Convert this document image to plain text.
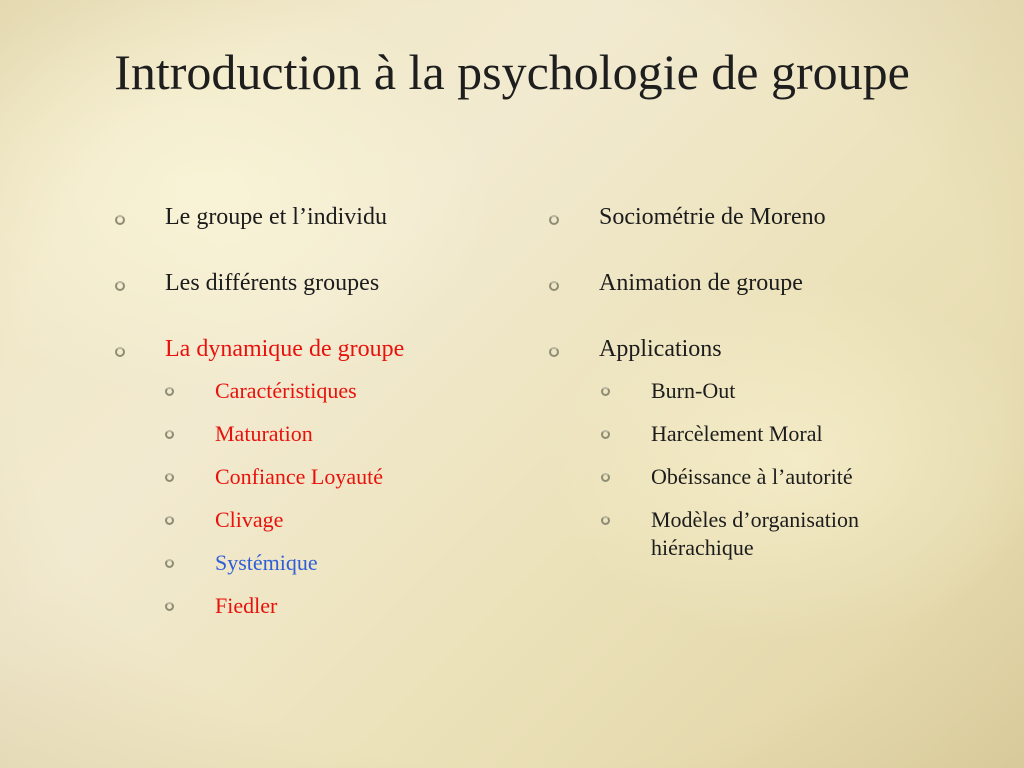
Introduction à la psychologie de groupe
Le groupe et l’individu
Les différents groupes
La dynamique de groupe
Caractéristiques
Maturation
Confiance Loyauté
Clivage
Systémique
Fiedler
Sociométrie de Moreno
Animation de groupe
Applications
Burn-Out
Harcèlement Moral
Obéissance à l’autorité
Modèles d’organisation hiérachique
